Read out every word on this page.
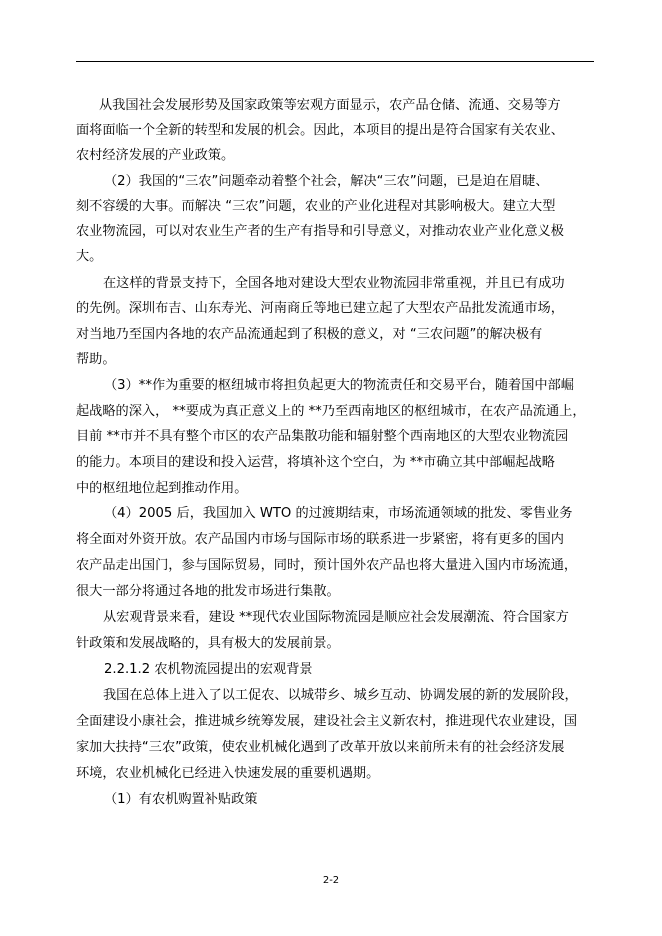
从我国社会发展形势及国家政策等宏观方面显示，农产品仓储、流通、交易等方
面将面临一个全新的转型和发展的机会。因此，本项目的提出是符合国家有关农业、
农村经济发展的产业政策。
（2）我国的“三农”问题牵动着整个社会，解决“三农”问题，已是迫在眉睫、
刻不容缓的大事。而解决 “三农”问题，农业的产业化进程对其影响极大。建立大型
农业物流园，可以对农业生产者的生产有指导和引导意义，对推动农业产业化意义极
大。
在这样的背景支持下，全国各地对建设大型农业物流园非常重视，并且已有成功
的先例。深圳布吉、山东寿光、河南商丘等地已建立起了大型农产品批发流通市场，
对当地乃至国内各地的农产品流通起到了积极的意义，对 “三农问题”的解决极有
帮助。
（3）**作为重要的枢纽城市将担负起更大的物流责任和交易平台，随着国中部崛
起战略的深入， **要成为真正意义上的 **乃至西南地区的枢纽城市，在农产品流通上，
目前 **市并不具有整个市区的农产品集散功能和辐射整个西南地区的大型农业物流园
的能力。本项目的建设和投入运营，将填补这个空白，为 **市确立其中部崛起战略
中的枢纽地位起到推动作用。
（4）2005 后，我国加入 WTO 的过渡期结束，市场流通领域的批发、零售业务
将全面对外资开放。农产品国内市场与国际市场的联系进一步紧密，将有更多的国内
农产品走出国门，参与国际贸易，同时，预计国外农产品也将大量进入国内市场流通，
很大一部分将通过各地的批发市场进行集散。
从宏观背景来看，建设 **现代农业国际物流园是顺应社会发展潮流、符合国家方
针政策和发展战略的，具有极大的发展前景。
2.2.1.2 农机物流园提出的宏观背景
我国在总体上进入了以工促农、以城带乡、城乡互动、协调发展的新的发展阶段，
全面建设小康社会，推进城乡统筹发展，建设社会主义新农村，推进现代农业建设，国
家加大扶持“三农”政策，使农业机械化遇到了改革开放以来前所未有的社会经济发展
环境，农业机械化已经进入快速发展的重要机遇期。
（1）有农机购置补贴政策
2-2
